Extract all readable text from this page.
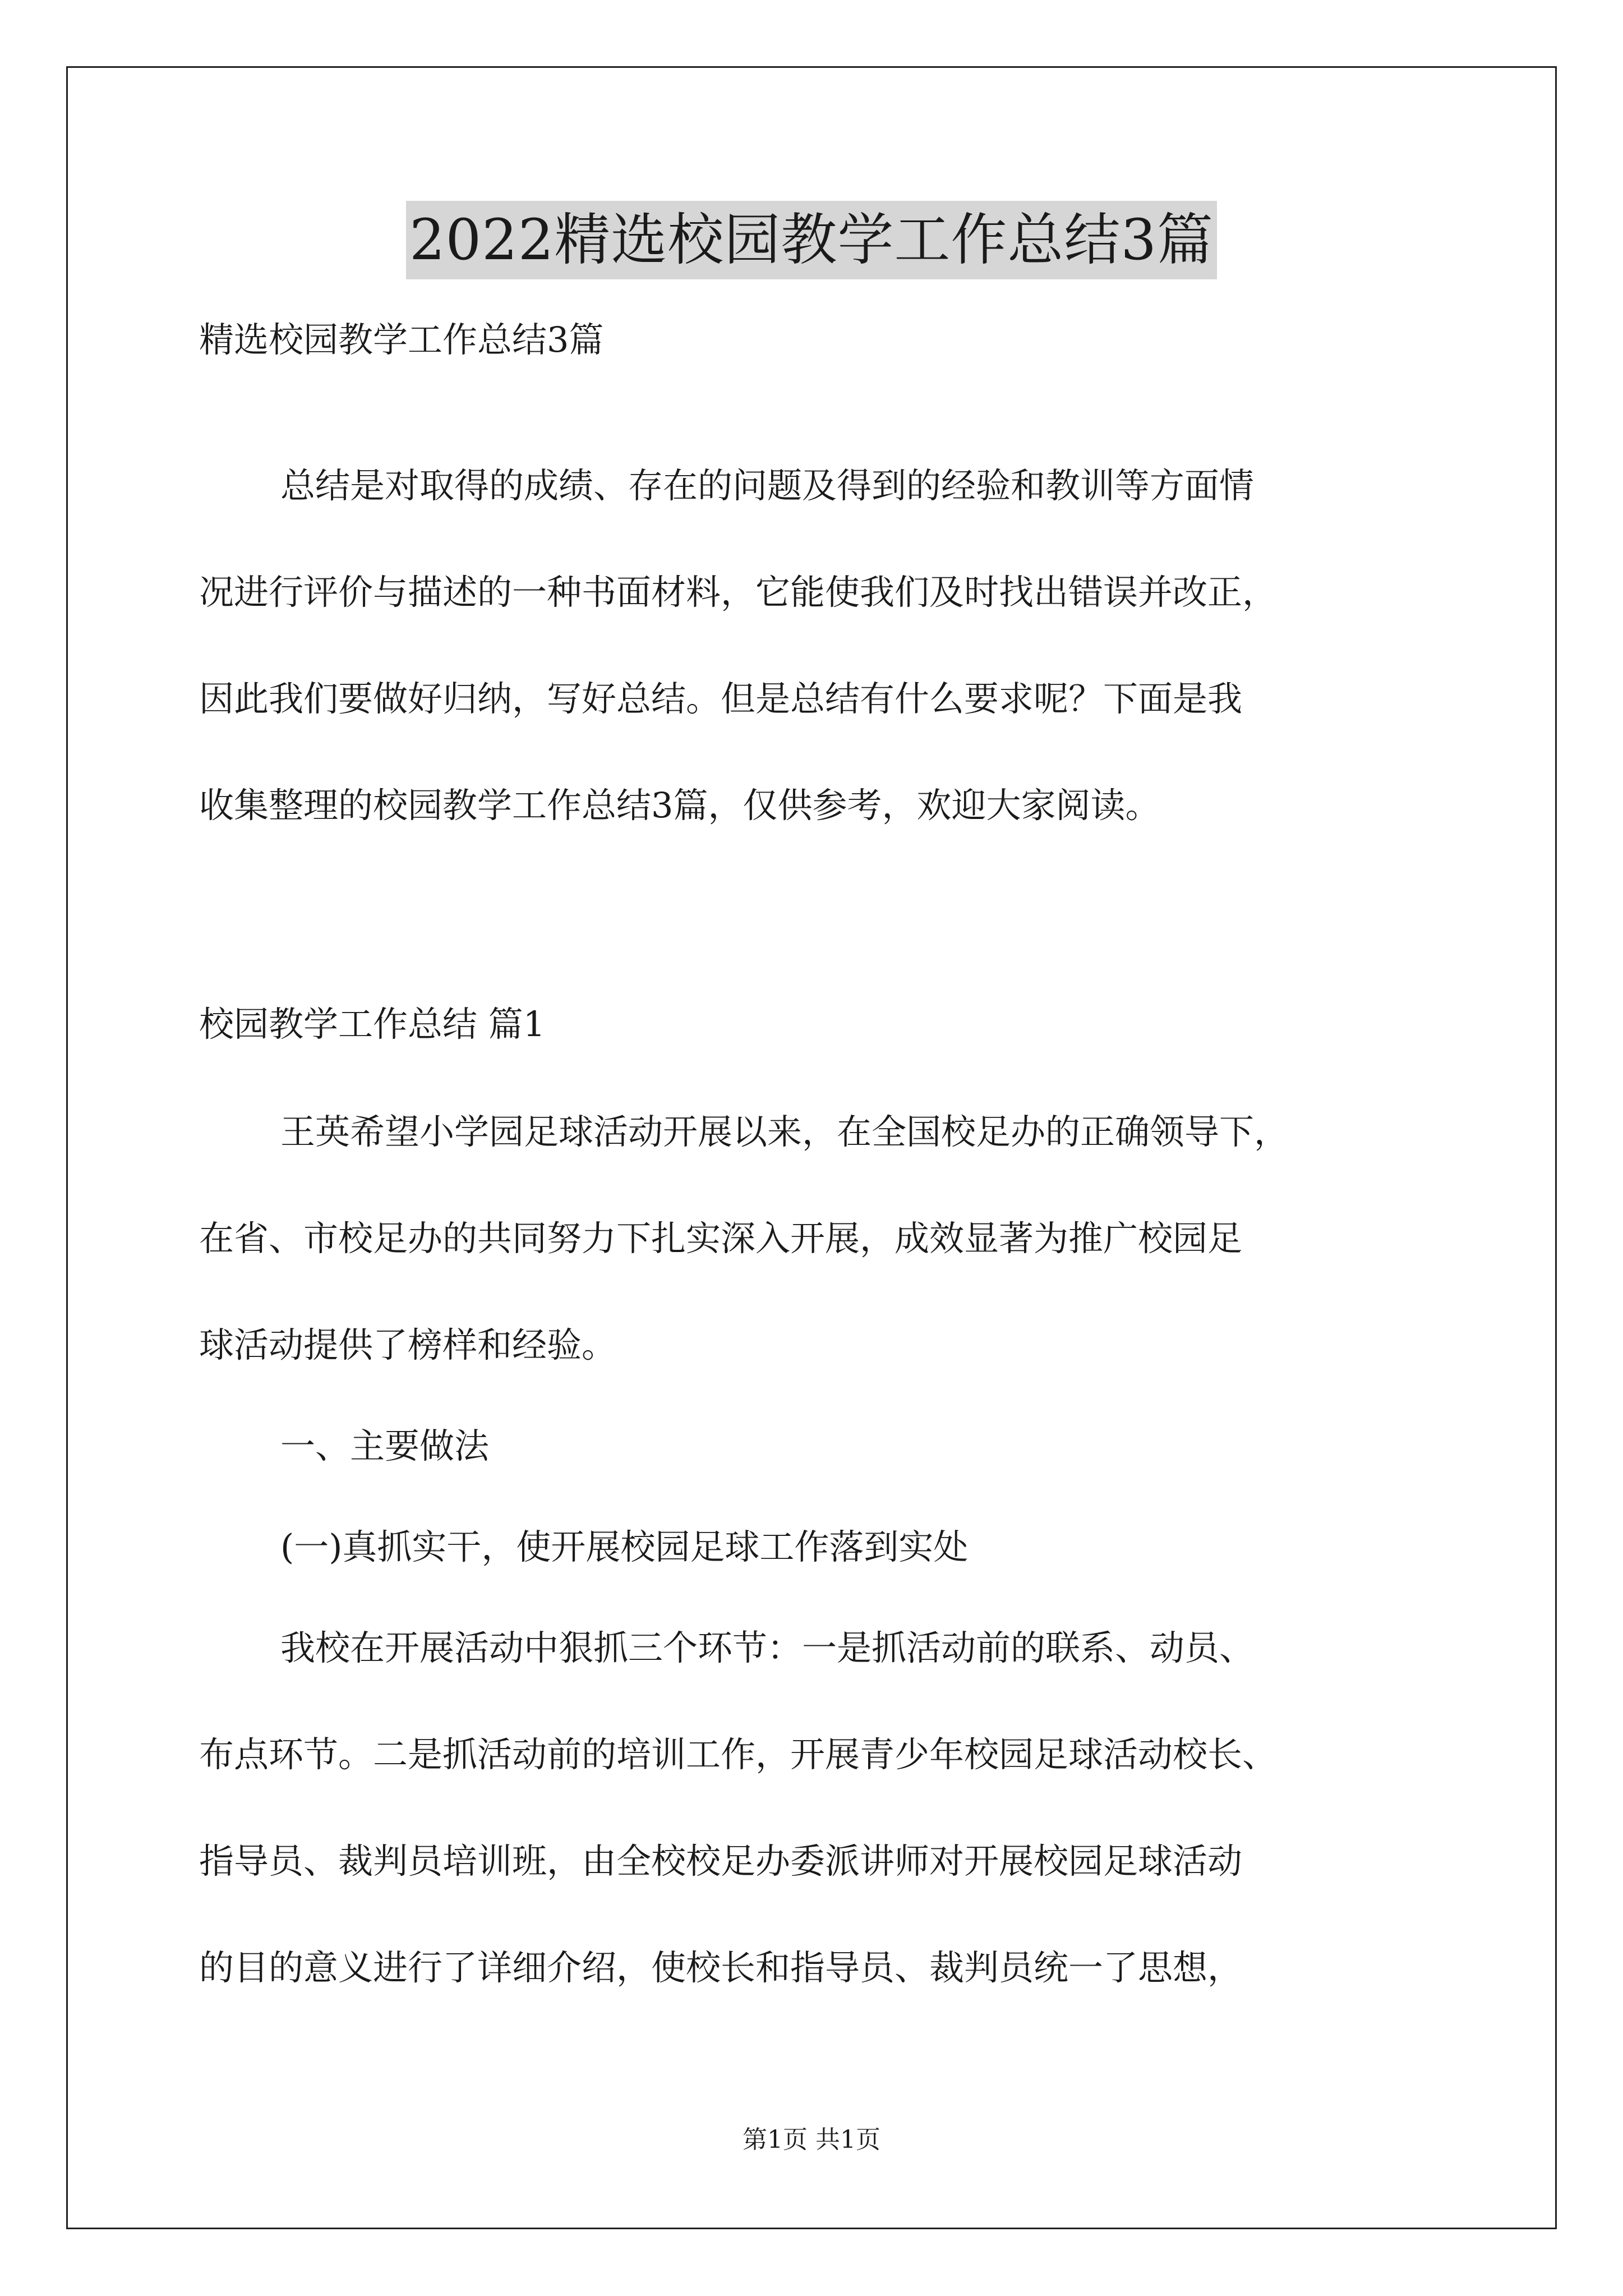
2022精选校园教学工作总结3篇
精选校园教学工作总结3篇
总结是对取得的成绩、存在的问题及得到的经验和教训等方面情
况进行评价与描述的一种书面材料，它能使我们及时找出错误并改正，
因此我们要做好归纳，写好总结。但是总结有什么要求呢？下面是我
收集整理的校园教学工作总结3篇，仅供参考，欢迎大家阅读。
校园教学工作总结 篇1
王英希望小学园足球活动开展以来，在全国校足办的正确领导下，
在省、市校足办的共同努力下扎实深入开展，成效显著为推广校园足
球活动提供了榜样和经验。
一、主要做法
(一)真抓实干，使开展校园足球工作落到实处
我校在开展活动中狠抓三个环节：一是抓活动前的联系、动员、
布点环节。二是抓活动前的培训工作，开展青少年校园足球活动校长、
指导员、裁判员培训班，由全校校足办委派讲师对开展校园足球活动
的目的意义进行了详细介绍，使校长和指导员、裁判员统一了思想，
第1页 共1页
